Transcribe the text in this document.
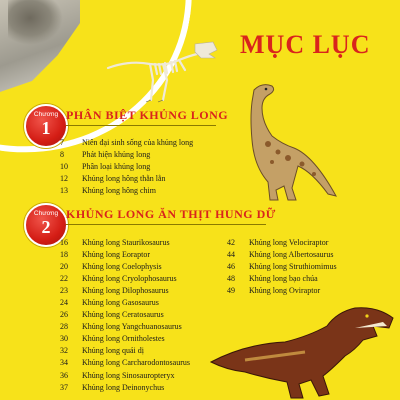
MỤC LỤC
Chương
1
PHÂN BIỆT KHỦNG LONG
7	Niên đại sinh sống của khủng long
8	Phát hiện khủng long
10	Phân loại khủng long
12	Khủng long hông thằn lằn
13	Khủng long hông chim
Chương
2
KHỦNG LONG ĂN THỊT HUNG DỮ
16	Khủng long Staurikosaurus
18	Khủng long Eoraptor
20	Khủng long Coelophysis
22	Khủng long Cryolophosaurus
23	Khủng long Dilophosaurus
24	Khủng long Gasosaurus
26	Khủng long Ceratosaurus
28	Khủng long Yangchuanosaurus
30	Khủng long Ornitholestes
32	Khủng long quái dị
34	Khủng long Carcharodontosaurus
36	Khủng long Sinosauropteryx
37	Khủng long Deinonychus
42	Khủng long Velociraptor
44	Khủng long Albertosaurus
46	Khủng long Struthiomimus
48	Khủng long bạo chúa
49	Khủng long Oviraptor
